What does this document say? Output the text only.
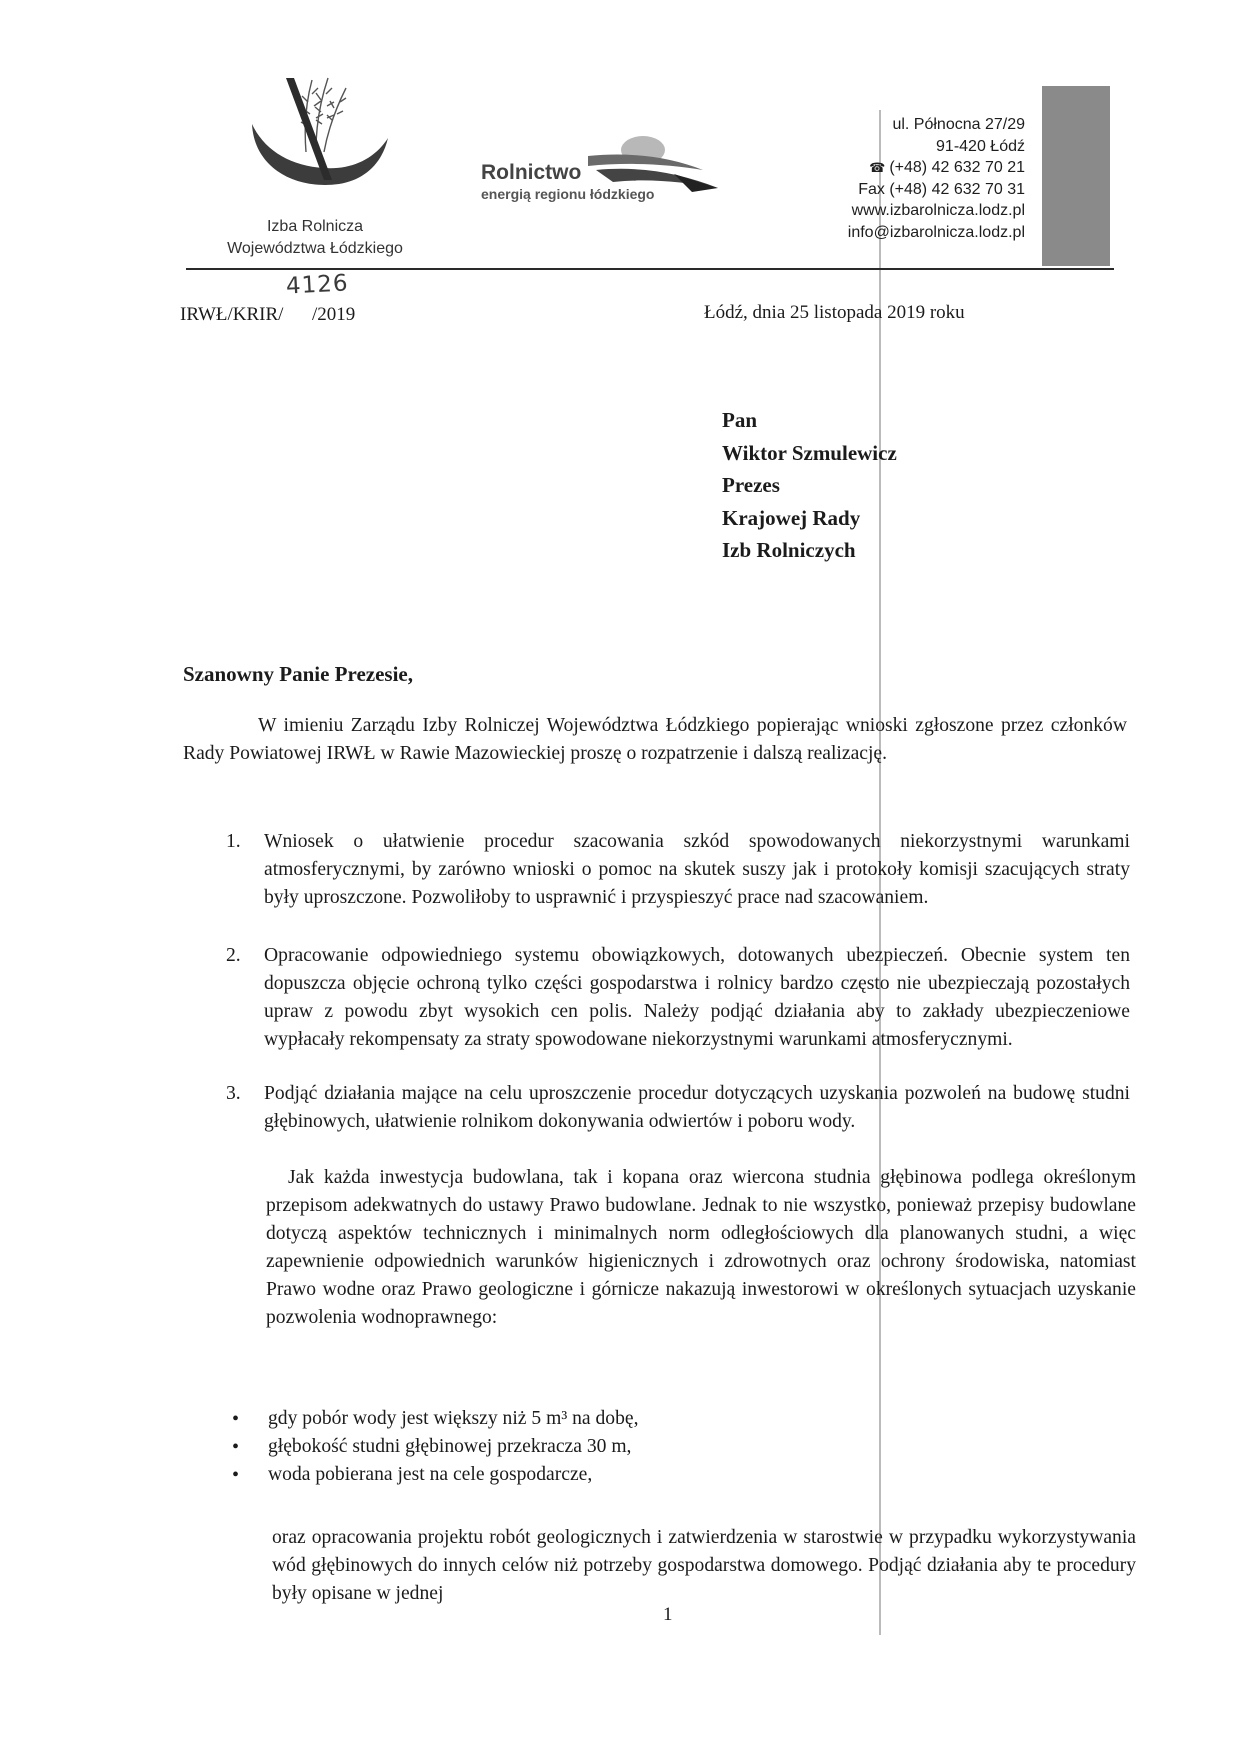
Izba Rolnicza
Województwa Łódzkiego
Rolnictwo
energią regionu łódzkiego
ul. Północna 27/29
91-420 Łódź
☎ (+48) 42 632 70 21
Fax (+48) 42 632 70 31
www.izbarolnicza.lodz.pl
info@izbarolnicza.lodz.pl
4126
IRWŁ/KRIR/      /2019	Łódź, dnia 25 listopada 2019 roku
Pan
Wiktor Szmulewicz
Prezes
Krajowej Rady
Izb Rolniczych
Szanowny Panie Prezesie,
W imieniu Zarządu Izby Rolniczej Województwa Łódzkiego popierając wnioski zgłoszone przez członków Rady Powiatowej IRWŁ w Rawie Mazowieckiej proszę o rozpatrzenie i dalszą realizację.
1. Wniosek o ułatwienie procedur szacowania szkód spowodowanych niekorzystnymi warunkami atmosferycznymi, by zarówno wnioski o pomoc na skutek suszy jak i protokoły komisji szacujących straty były uproszczone. Pozwoliłoby to usprawnić i przyspieszyć prace nad szacowaniem.
2. Opracowanie odpowiedniego systemu obowiązkowych, dotowanych ubezpieczeń. Obecnie system ten dopuszcza objęcie ochroną tylko części gospodarstwa i rolnicy bardzo często nie ubezpieczają pozostałych upraw z powodu zbyt wysokich cen polis. Należy podjąć działania aby to zakłady ubezpieczeniowe wypłacały rekompensaty za straty spowodowane niekorzystnymi warunkami atmosferycznymi.
3. Podjąć działania mające na celu uproszczenie procedur dotyczących uzyskania pozwoleń na budowę studni głębinowych, ułatwienie rolnikom dokonywania odwiertów i poboru wody.
Jak każda inwestycja budowlana, tak i kopana oraz wiercona studnia głębinowa podlega określonym przepisom adekwatnych do ustawy Prawo budowlane. Jednak to nie wszystko, ponieważ przepisy budowlane dotyczą aspektów technicznych i minimalnych norm odległościowych dla planowanych studni, a więc zapewnienie odpowiednich warunków higienicznych i zdrowotnych oraz ochrony środowiska, natomiast Prawo wodne oraz Prawo geologiczne i górnicze nakazują inwestorowi w określonych sytuacjach uzyskanie pozwolenia wodnoprawnego:
• gdy pobór wody jest większy niż 5 m³ na dobę,
• głębokość studni głębinowej przekracza 30 m,
• woda pobierana jest na cele gospodarcze,
oraz opracowania projektu robót geologicznych i zatwierdzenia w starostwie w przypadku wykorzystywania wód głębinowych do innych celów niż potrzeby gospodarstwa domowego. Podjąć działania aby te procedury były opisane w jednej
1
